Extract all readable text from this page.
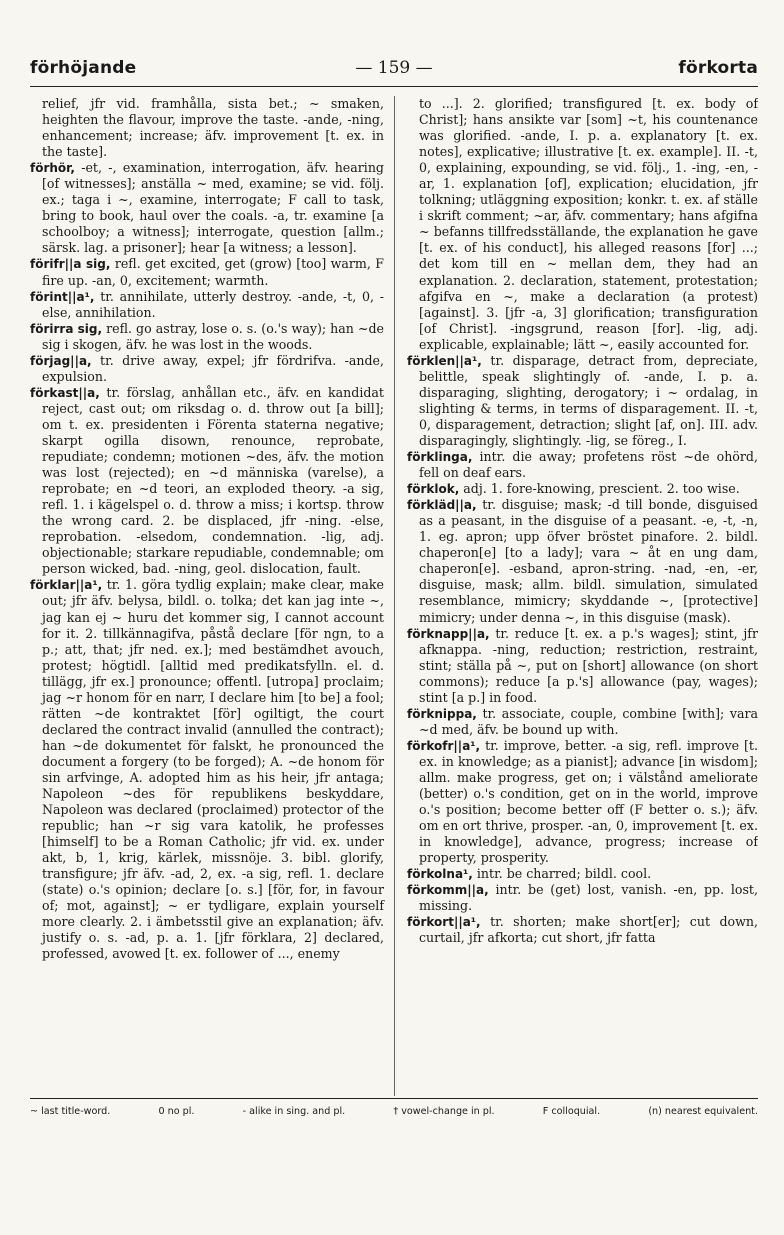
förhöjande	förkorta
— 159 —

relief, jfr vid. framhålla, sista bet.; ~ smaken, heighten the flavour, improve the taste. -ande, -ning, enhancement; increase; äfv. improvement [t. ex. in the taste].

förhör, -et, -, examination, interrogation, äfv. hearing [of witnesses]; anställa ~ med, examine; se vid. följ. ex.; taga i ~, examine, interrogate; F call to task, bring to book, haul over the coals. -a, tr. examine [a schoolboy; a witness]; interrogate, question [allm.; särsk. lag. a prisoner]; hear [a witness; a lesson].

förifr||a sig, refl. get excited, get (grow) [too] warm, F fire up. -an, 0, excitement; warmth.

förint||a¹, tr. annihilate, utterly destroy. -ande, -t, 0, -else, annihilation.

förirra sig, refl. go astray, lose o. s. (o.'s way); han ~de sig i skogen, äfv. he was lost in the woods.

förjag||a, tr. drive away, expel; jfr fördrifva. -ande, expulsion.

förkast||a, tr. förslag, anhållan etc., äfv. en kandidat reject, cast out; om riksdag o. d. throw out [a bill]; om t. ex. presidenten i Förenta staterna negative; skarpt ogilla disown, renounce, reprobate, repudiate; condemn; motionen ~des, äfv. the motion was lost (rejected); en ~d människa (varelse), a reprobate; en ~d teori, an exploded theory. -a sig, refl. 1. i kägelspel o. d. throw a miss; i kortsp. throw the wrong card. 2. be displaced, jfr -ning. -else, reprobation. -elsedom, condemnation. -lig, adj. objectionable; starkare repudiable, condemnable; om person wicked, bad. -ning, geol. dislocation, fault.

förklar||a¹, tr. 1. göra tydlig explain; make clear, make out; jfr äfv. belysa, bildl. o. tolka; det kan jag inte ~, jag kan ej ~ huru det kommer sig, I cannot account for it. 2. tillkännagifva, påstå declare [för ngn, to a p.; att, that; jfr ned. ex.]; med bestämdhet avouch, protest; högtidl. [alltid med predikatsfylln. el. d. tillägg, jfr ex.] pronounce; offentl. [utropa] proclaim; jag ~r honom för en narr, I declare him [to be] a fool; rätten ~de kontraktet [för] ogiltigt, the court declared the contract invalid (annulled the contract); han ~de dokumentet för falskt, he pronounced the document a forgery (to be forged); A. ~de honom för sin arfvinge, A. adopted him as his heir, jfr antaga; Napoleon ~des för republikens beskyddare, Napoleon was declared (proclaimed) protector of the republic; han ~r sig vara katolik, he professes [himself] to be a Roman Catholic; jfr vid. ex. under akt, b, 1, krig, kärlek, missnöje. 3. bibl. glorify, transfigure; jfr äfv. -ad, 2, ex. -a sig, refl. 1. declare (state) o.'s opinion; declare [o. s.] [för, for, in favour of; mot, against]; ~ er tydligare, explain yourself more clearly. 2. i ämbetsstil give an explanation; äfv. justify o. s. -ad, p. a. 1. [jfr förklara, 2] declared, professed, avowed [t. ex. follower of ..., enemy

to ...]. 2. glorified; transfigured [t. ex. body of Christ]; hans ansikte var [som] ~t, his countenance was glorified. -ande, I. p. a. explanatory [t. ex. notes], explicative; illustrative [t. ex. example]. II. -t, 0, explaining, expounding, se vid. följ., 1. -ing, -en, -ar, 1. explanation [of], explication; elucidation, jfr tolkning; utläggning exposition; konkr. t. ex. af ställe i skrift comment; ~ar, äfv. commentary; hans afgifna ~ befanns tillfredsställande, the explanation he gave [t. ex. of his conduct], his alleged reasons [for] ...; det kom till en ~ mellan dem, they had an explanation. 2. declaration, statement, protestation; afgifva en ~, make a declaration (a protest) [against]. 3. [jfr -a, 3] glorification; transfiguration [of Christ]. -ingsgrund, reason [for]. -lig, adj. explicable, explainable; lätt ~, easily accounted for.

förklen||a¹, tr. disparage, detract from, depreciate, belittle, speak slightingly of. -ande, I. p. a. disparaging, slighting, derogatory; i ~ ordalag, in slighting & terms, in terms of disparagement. II. -t, 0, disparagement, detraction; slight [af, on]. III. adv. disparagingly, slightingly. -lig, se föreg., I.

förklinga, intr. die away; profetens röst ~de ohörd, fell on deaf ears.

förklok, adj. 1. fore-knowing, prescient. 2. too wise.

förkläd||a, tr. disguise; mask; -d till bonde, disguised as a peasant, in the disguise of a peasant. -e, -t, -n, 1. eg. apron; upp öfver bröstet pinafore. 2. bildl. chaperon[e] [to a lady]; vara ~ åt en ung dam, chaperon[e]. -esband, apron-string. -nad, -en, -er, disguise, mask; allm. bildl. simulation, simulated resemblance, mimicry; skyddande ~, [protective] mimicry; under denna ~, in this disguise (mask).

förknapp||a, tr. reduce [t. ex. a p.'s wages]; stint, jfr afknappa. -ning, reduction; restriction, restraint, stint; ställa på ~, put on [short] allowance (on short commons); reduce [a p.'s] allowance (pay, wages); stint [a p.] in food.

förknippa, tr. associate, couple, combine [with]; vara ~d med, äfv. be bound up with.

förkofr||a¹, tr. improve, better. -a sig, refl. improve [t. ex. in knowledge; as a pianist]; advance [in wisdom]; allm. make progress, get on; i välstånd ameliorate (better) o.'s condition, get on in the world, improve o.'s position; become better off (F better o. s.); äfv. om en ort thrive, prosper. -an, 0, improvement [t. ex. in knowledge], advance, progress; increase of property, prosperity.

förkolna¹, intr. be charred; bildl. cool.

förkomm||a, intr. be (get) lost, vanish. -en, pp. lost, missing.

förkort||a¹, tr. shorten; make short[er]; cut down, curtail, jfr afkorta; cut short, jfr fatta

~ last title-word.	0 no pl.	- alike in sing. and pl.	† vowel-change in pl.	F colloquial.	(n) nearest equivalent.
